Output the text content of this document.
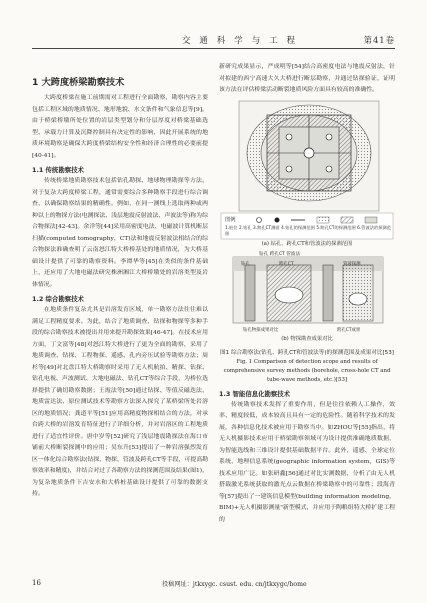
交 通 科 学 与 工 程	第41卷
1 大跨度桥梁勘察技术

大跨度桥梁在施工前期需对工程进行全面勘察，勘察内容主要包括工程区域的地质情况、地形地貌、水文条件和气象信息等[9]。由于桥梁桥墩所处位置的岩层类型划分和分层厚度对桥梁基础选型、承载力计算及沉降控制具有决定性的影响，因此开展系统的地质环境勘察是确保大跨度桥梁结构安全性和经济合理性的必要前提[40-41]。

1.1 传统勘察技术

传统桥梁地质勘察技术包括钻孔勘探、地球物理勘探等方法。对于复杂大跨度桥梁工程，通常需要综合多种勘察手段进行综合调查，以确保勘察结果的精确性。例如，在同一测线上选取两种或两种以上的物探方法(电测探法、浅层地震反射波法、声波法等)称为综合物探法[42-43]。余洋等[44]采用高密度电法、电磁波计算机断层扫描(computed tomography，CT)法和地震反射波法相结合的综合物探法准确查明了云南怒江特大桥桥基处的地质情况，为大桥基础设计提供了可靠的勘察资料。李谭华等[45]在类似的条件基础上，还应用了大地电磁法研究株洲湘江大桥桥墩处的岩溶类型及岩体情况。

1.2 综合勘察技术

在地质条件复杂尤其是岩溶发育区域，单一勘察方法往往难以满足工程精度要求。为此，结合了地质调查、钻探和物探等多种手段的综合勘察技术被提出并用来提升勘探效果[46-47]。在技术应用方面，丁文富等[48]对怒江特大桥进行了更为全面的勘察，采用了地质调查、钻探、工程物探、遥感、孔内旁压试验等勘察方法；周杉等[49]对北盘江特大桥勘察时采用了无人机航拍、精探、钻探、钻孔电视、声波测试、大地电磁法、钻孔CT等综合手段，为桥位选择提供了确切勘察数据；王霞法等[50]通过钻探、等值反磁迭法、地质雷达法、原位测试技术等勘察方法深入探究了某桥梁所处岩溶区的地质情况；龚道平等[51]应用高精度物探相结合的方法，对承台跨大桥的岩溶发育特征进行了详细分析，并对岩溶区的工程地质进行了适宜性评价。唐中岁等[52]研究了浅层地震勘探法在海口市铺前大桥断裂探测中的应用；吴东升[53]提出了一种岩溶强烈发育区一体化综合勘察法(钻探、物探、管波及跨孔CT等手段，可提高勘察效率和精度)，并结合对过了各勘察方法的探测范围及结果(图1)，为复杂地质条件下吉安水和大桥桩基础设计提供了可靠的数据支持。

新研究成果显示，严成明等[54]结合高密度电法与地震反射法，针对拟建的西宁高速大久大桥进行断层勘察，并通过钻探验证，证明该方法在评估桥梁活动断裂地质风险方面具有较高的准确性。

(a) 钻孔、跨孔CT和管波法的探测范围
图例
1.桩位 2.钻孔 3.跨孔CT测面 4.钻孔的探测范围 5.跨孔CT的探测范围 6.管波法的探测范围
钻孔 跨孔CT 管波法
钻孔	跨孔CT	管波探测
钻孔物探成果对比	跨孔CT成果
(b) 物探勘查成果对比
图1 综合勘察法(钻孔、跨孔CT和管波法等)的探测范围及成果对比[53]
Fig. 1 Comparison of detection scope and results of
comprehensive survey methods (borehole, cross-hole CT and
tube-wave methods, etc.)[53]
1.3 智能信息化勘察技术

传统勘察技术发挥了重要作用，但是往往依赖人工操作，效率、精度较低，成本较高且具有一定的危险性。随着科学技术的发展，各种信息化技术被应用于勘察当中。如ZHOU等[55]指出，将无人机摄影技术应用于桥梁勘察领域可为设计提供准确地质数据，为智能选线和三维设计提供基础数据平台。此外，遥感、全球定位系统、地理信息系统(geographic information system，GIS)等技术应用广泛。如张研鑫[56]通过对比实测数据，分析了由无人机搭载激光系统获取的激光点云数据在桥梁勘察中的可靠性；段海青等[57]提出了一建筑信息模型(building information modeling，BIM)+无人机摄影测量"新型模式，并应用于陶粮组特大桥扩建工程的

16	投稿网址：jtkxygc. csust. edu. cn/jtkxygc/home
